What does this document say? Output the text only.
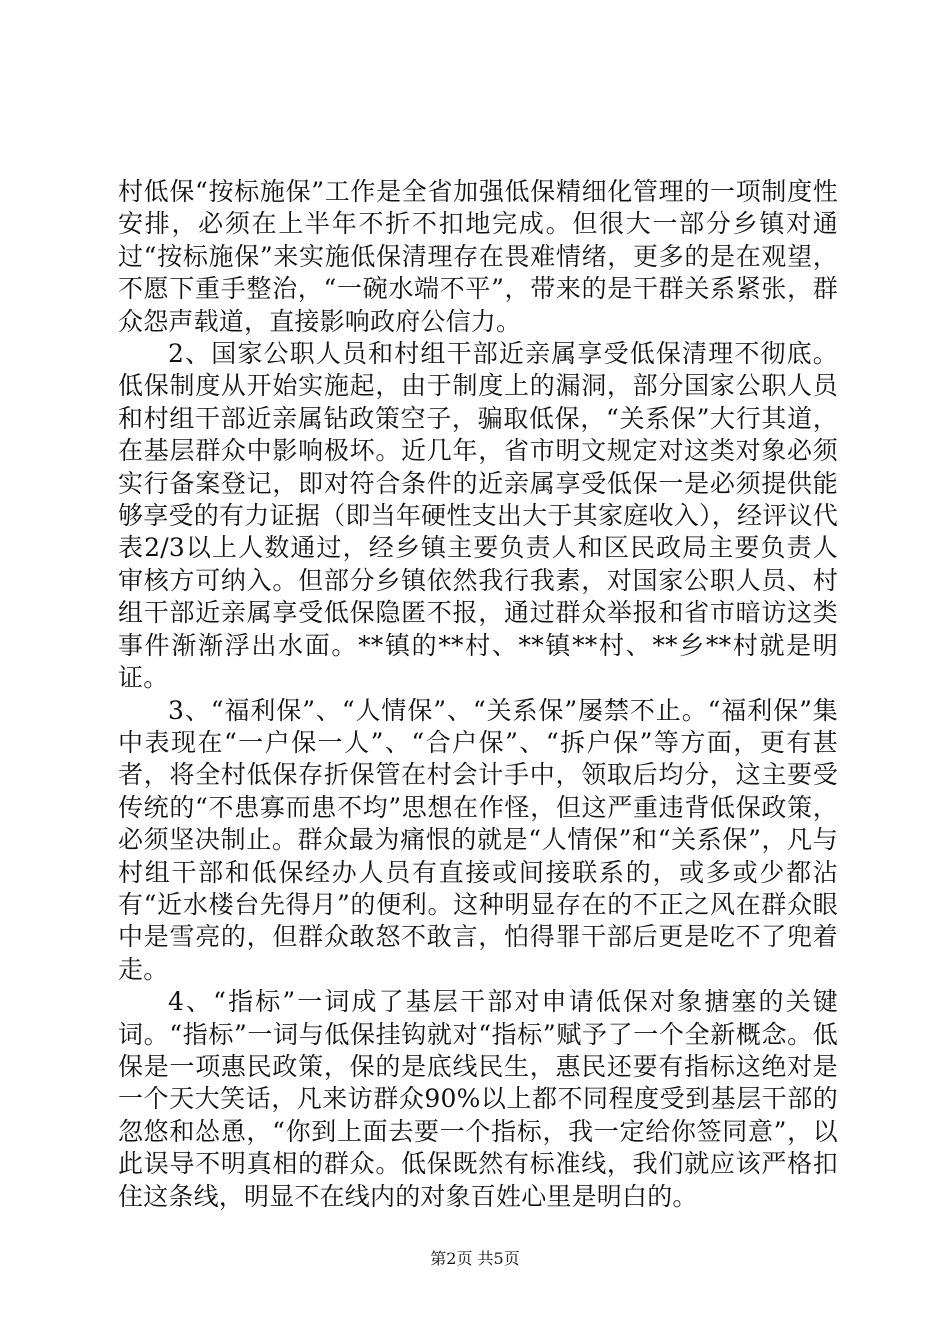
村低保“按标施保”工作是全省加强低保精细化管理的一项制度性安排，必须在上半年不折不扣地完成。但很大一部分乡镇对通过“按标施保”来实施低保清理存在畏难情绪，更多的是在观望，不愿下重手整治，“一碗水端不平”，带来的是干群关系紧张，群众怨声载道，直接影响政府公信力。

2、国家公职人员和村组干部近亲属享受低保清理不彻底。低保制度从开始实施起，由于制度上的漏洞，部分国家公职人员和村组干部近亲属钻政策空子，骗取低保，“关系保”大行其道，在基层群众中影响极坏。近几年，省市明文规定对这类对象必须实行备案登记，即对符合条件的近亲属享受低保一是必须提供能够享受的有力证据（即当年硬性支出大于其家庭收入），经评议代表2/3以上人数通过，经乡镇主要负责人和区民政局主要负责人审核方可纳入。但部分乡镇依然我行我素，对国家公职人员、村组干部近亲属享受低保隐匿不报，通过群众举报和省市暗访这类事件渐渐浮出水面。**镇的**村、**镇**村、**乡**村就是明证。

3、“福利保”、“人情保”、“关系保”屡禁不止。“福利保”集中表现在“一户保一人”、“合户保”、“拆户保”等方面，更有甚者，将全村低保存折保管在村会计手中，领取后均分，这主要受传统的“不患寡而患不均”思想在作怪，但这严重违背低保政策，必须坚决制止。群众最为痛恨的就是“人情保”和“关系保”，凡与村组干部和低保经办人员有直接或间接联系的，或多或少都沾有“近水楼台先得月”的便利。这种明显存在的不正之风在群众眼中是雪亮的，但群众敢怒不敢言，怕得罪干部后更是吃不了兜着走。

4、“指标”一词成了基层干部对申请低保对象搪塞的关键词。“指标”一词与低保挂钩就对“指标”赋予了一个全新概念。低保是一项惠民政策，保的是底线民生，惠民还要有指标这绝对是一个天大笑话，凡来访群众90%以上都不同程度受到基层干部的忽悠和怂恿，“你到上面去要一个指标，我一定给你签同意”，以此误导不明真相的群众。低保既然有标准线，我们就应该严格扣住这条线，明显不在线内的对象百姓心里是明白的。

第2页 共5页
